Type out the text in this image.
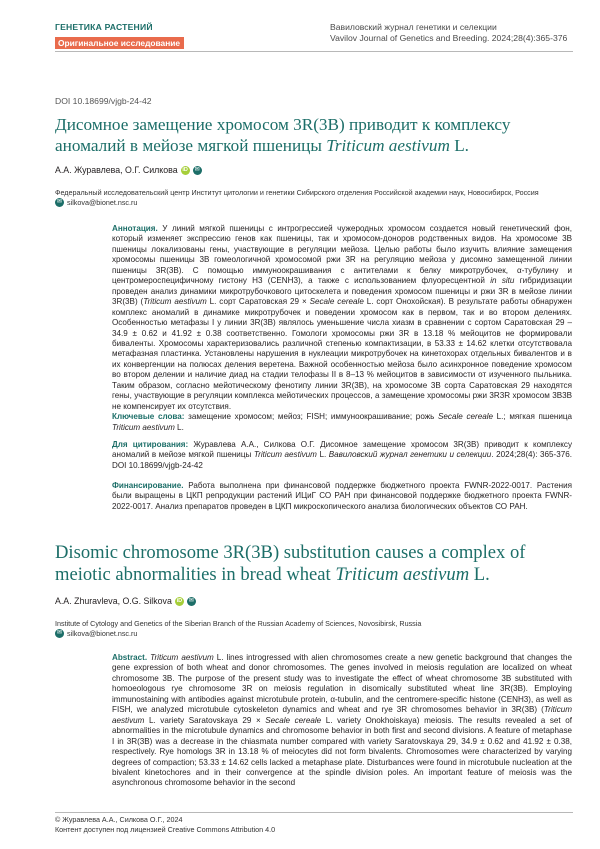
ГЕНЕТИКА РАСТЕНИЙ
Оригинальное исследование
Вавиловский журнал генетики и селекции
Vavilov Journal of Genetics and Breeding. 2024;28(4):365-376
DOI 10.18699/vjgb-24-42
Дисомное замещение хромосом 3R(3B) приводит к комплексу аномалий в мейозе мягкой пшеницы Triticum aestivum L.
А.А. Журавлева, О.Г. Силкова iD	✉
Федеральный исследовательский центр Институт цитологии и генетики Сибирского отделения Российской академии наук, Новосибирск, Россия
✉ silkova@bionet.nsc.ru
Аннотация. У линий мягкой пшеницы с интрогрессией чужеродных хромосом создается новый генетический фон, который изменяет экспрессию генов как пшеницы, так и хромосом-доноров родственных видов. На хромосоме 3B пшеницы локализованы гены, участвующие в регуляции мейоза. Целью работы было изучить влияние замещения хромосомы пшеницы 3B гомеологичной хромосомой ржи 3R на регуляцию мейоза у дисомно замещенной линии пшеницы 3R(3B). С помощью иммуноокрашивания с антителами к белку микротрубочек, α-тубулину и центромероспецифичному гистону H3 (CENH3), а также с использованием флуоресцентной in situ гибридизации проведен анализ динамики микротрубочкового цитоскелета и поведения хромосом пшеницы и ржи 3R в мейозе линии 3R(3B) (Triticum aestivum L. сорт Саратовская 29 × Secale cereale L. сорт Онохойская). В результате работы обнаружен комплекс аномалий в динамике микротрубочек и поведении хромосом как в первом, так и во втором делениях. Особенностью метафазы I у линии 3R(3B) являлось уменьшение числа хиазм в сравнении с сортом Саратовская 29 – 34.9 ± 0.62 и 41.92 ± 0.38 соответственно. Гомологи хромосомы ржи 3R в 13.18 % мейоцитов не формировали биваленты. Хромосомы характеризовались различной степенью компактизации, в 53.33 ± 14.62 клетки отсутствовала метафазная пластинка. Установлены нарушения в нуклеации микротрубочек на кинетохорах отдельных бивалентов и в их конвергенции на полюсах деления веретена. Важной особенностью мейоза было асинхронное поведение хромосом во втором делении и наличие диад на стадии телофазы II в 8–13 % мейоцитов в зависимости от изученного пыльника. Таким образом, согласно мейотическому фенотипу линии 3R(3B), на хромосоме 3B сорта Саратовская 29 находятся гены, участвующие в регуляции комплекса мейотических процессов, а замещение хромосомы ржи 3R3R хромосом 3B3B не компенсирует их отсутствия.
Ключевые слова: замещение хромосом; мейоз; FISH; иммуноокрашивание; рожь Secale cereale L.; мягкая пшеница Triticum aestivum L.
Для цитирования: Журавлева А.А., Силкова О.Г. Дисомное замещение хромосом 3R(3B) приводит к комплексу аномалий в мейозе мягкой пшеницы Triticum aestivum L. Вавиловский журнал генетики и селекции. 2024;28(4): 365-376. DOI 10.18699/vjgb-24-42
Финансирование. Работа выполнена при финансовой поддержке бюджетного проекта FWNR-2022-0017. Растения были выращены в ЦКП репродукции растений ИЦиГ СО РАН при финансовой поддержке бюджетного проекта FWNR-2022-0017. Анализ препаратов проведен в ЦКП микроскопического анализа биологических объектов СО РАН.
Disomic chromosome 3R(3B) substitution causes a complex of meiotic abnormalities in bread wheat Triticum aestivum L.
A.A. Zhuravleva, O.G. Silkova iD	✉
Institute of Cytology and Genetics of the Siberian Branch of the Russian Academy of Sciences, Novosibirsk, Russia
✉ silkova@bionet.nsc.ru
Abstract. Triticum aestivum L. lines introgressed with alien chromosomes create a new genetic background that changes the gene expression of both wheat and donor chromosomes. The genes involved in meiosis regulation are localized on wheat chromosome 3B. The purpose of the present study was to investigate the effect of wheat chromosome 3B substituted with homoeologous rye chromosome 3R on meiosis regulation in disomically substituted wheat line 3R(3B). Employing immunostaining with antibodies against microtubule protein, α-tubulin, and the centromere-specific histone (CENH3), as well as FISH, we analyzed microtubule cytoskeleton dynamics and wheat and rye 3R chromosomes behavior in 3R(3B) (Triticum aestivum L. variety Saratovskaya 29 × Secale cereale L. variety Onokhoiskaya) meiosis. The results revealed a set of abnormalities in the microtubule dynamics and chromosome behavior in both first and second divisions. A feature of metaphase I in 3R(3B) was a decrease in the chiasmata number compared with variety Saratovskaya 29, 34.9 ± 0.62 and 41.92 ± 0.38, respectively. Rye homologs 3R in 13.18 % of meiocytes did not form bivalents. Chromosomes were characterized by varying degrees of compaction; 53.33 ± 14.62 cells lacked a metaphase plate. Disturbances were found in microtubule nucleation at the bivalent kinetochores and in their convergence at the spindle division poles. An important feature of meiosis was the asynchronous chromosome behavior in the second
© Журавлева А.А., Силкова О.Г., 2024
Контент доступен под лицензией Creative Commons Attribution 4.0
